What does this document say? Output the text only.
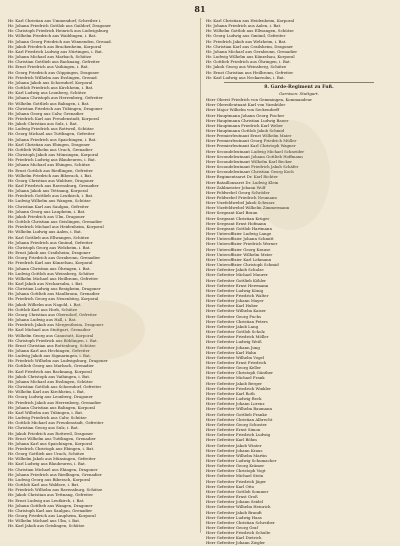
81
Hr. Karl Christian aus Ummendorf, Schreiber i.
Hr. Johann Friedrich Gottlob aus Gaildorf, Dragoner
Hr. Christoph Friedrich Heinrich aus Ludwigsburg
Hr. Wilhelm Friedrich aus Waiblingen, i. Bat.
Hr. Johann Georg Friedrich aus Winnenden, Grenad.
Hr. Jakob Friedrich aus Brackenheim, Korporal
Hr. Karl Friedrich Ludwig aus Nürtingen, i. Bat.
Hr. Johann Michael aus Marbach, Schütze
Hr. Christian Gottlieb aus Backnang, Gefreiter
Hr. Ernst Friedrich aus Vaihingen, i. Bat.
Hr. Georg Friedrich aus Göppingen, Dragoner
Hr. Friedrich Wilhelm aus Esslingen, Grenad.
Hr. Johann Jakob aus Schorndorf, Korporal
Hr. Gottlob Friedrich aus Kirchheim, i. Bat.
Hr. Karl Ludwig aus Leonberg, Schütze
Hr. Johann Christoph aus Herrenberg, Gefreiter
Hr. Wilhelm Gottlieb aus Balingen, i. Bat.
Hr. Christian Friedrich aus Tübingen, Dragoner
Hr. Johann Georg aus Calw, Grenadier
Hr. Friedrich Karl aus Freudenstadt, Korporal
Hr. Jakob Christian aus Sulz, i. Bat.
Hr. Ludwig Friedrich aus Rottweil, Schütze
Hr. Georg Michael aus Tuttlingen, Gefreiter
Hr. Johann Friedrich aus Spaichingen, i. Bat.
Hr. Karl Christian aus Ebingen, Dragoner
Hr. Gottlieb Wilhelm aus Urach, Grenadier
Hr. Christoph Jakob aus Münsingen, Korporal
Hr. Friedrich Ludwig aus Blaubeuren, i. Bat.
Hr. Johann Michael aus Ehingen, Schütze
Hr. Ernst Gottlob aus Riedlingen, Gefreiter
Hr. Wilhelm Friedrich aus Biberach, i. Bat.
Hr. Georg Christian aus Waldsee, Dragoner
Hr. Karl Friedrich aus Ravensburg, Grenadier
Hr. Johann Jakob aus Tettnang, Korporal
Hr. Friedrich Gottlieb aus Leutkirch, i. Bat.
Hr. Ludwig Wilhelm aus Wangen, Schütze
Hr. Christian Karl aus Saulgau, Gefreiter
Hr. Johann Georg aus Laupheim, i. Bat.
Hr. Jakob Friedrich aus Ulm, Dragoner
Hr. Gottlob Christian aus Geislingen, Grenadier
Hr. Friedrich Michael aus Heidenheim, Korporal
Hr. Wilhelm Ludwig aus Aalen, i. Bat.
Hr. Karl Gottlieb aus Ellwangen, Schütze
Hr. Johann Friedrich aus Gmünd, Gefreiter
Hr. Christoph Georg aus Welzheim, i. Bat.
Hr. Ernst Jakob aus Crailsheim, Dragoner
Hr. Georg Friedrich aus Gerabronn, Grenadier
Hr. Friedrich Karl aus Künzelsau, Korporal
Hr. Johann Christian aus Öhringen, i. Bat.
Hr. Ludwig Gottlob aus Weinsberg, Schütze
Hr. Wilhelm Michael aus Heilbronn, Gefreiter
Hr. Karl Jakob aus Neckarsulm, i. Bat.
Hr. Christian Ludwig aus Besigheim, Dragoner
Hr. Johann Gottlieb aus Maulbronn, Grenadier
Hr. Friedrich Georg aus Neuenbürg, Korporal
Hr. Jakob Wilhelm aus Nagold, i. Bat.
Hr. Gottlob Karl aus Horb, Schütze
Hr. Georg Christian aus Oberndorf, Gefreiter
Hr. Johann Ludwig aus Hall, i. Bat.
Hr. Friedrich Jakob aus Mergentheim, Dragoner
Hr. Karl Michael aus Stuttgart, Grenadier
Hr. Wilhelm Georg aus Cannstatt, Korporal
Hr. Christoph Friedrich aus Böblingen, i. Bat.
Hr. Ernst Christian aus Rottenburg, Schütze
Hr. Johann Karl aus Hechingen, Gefreiter
Hr. Ludwig Jakob aus Sigmaringen, i. Bat.
Hr. Friedrich Wilhelm aus Ludwigsburg, Dragoner
Hr. Gottlieb Georg aus Marbach, Grenadier
Hr. Karl Friedrich aus Backnang, Korporal
Hr. Jakob Christoph aus Vaihingen, i. Bat.
Hr. Johann Michael aus Esslingen, Schütze
Hr. Christian Gottlob aus Schorndorf, Gefreiter
Hr. Wilhelm Karl aus Kirchheim, i. Bat.
Hr. Georg Ludwig aus Leonberg, Dragoner
Hr. Friedrich Jakob aus Herrenberg, Grenadier
Hr. Johann Christian aus Balingen, Korporal
Hr. Karl Wilhelm aus Tübingen, i. Bat.
Hr. Ludwig Friedrich aus Calw, Schütze
Hr. Gottlob Michael aus Freudenstadt, Gefreiter
Hr. Christian Georg aus Sulz, i. Bat.
Hr. Jakob Friedrich aus Rottweil, Dragoner
Hr. Ernst Wilhelm aus Tuttlingen, Grenadier
Hr. Johann Karl aus Spaichingen, Korporal
Hr. Friedrich Christoph aus Ebingen, i. Bat.
Hr. Georg Gottlieb aus Urach, Schütze
Hr. Wilhelm Jakob aus Münsingen, Gefreiter
Hr. Karl Ludwig aus Blaubeuren, i. Bat.
Hr. Christian Michael aus Ehingen, Dragoner
Hr. Johann Friedrich aus Riedlingen, Grenadier
Hr. Ludwig Georg aus Biberach, Korporal
Hr. Gottlob Karl aus Waldsee, i. Bat.
Hr. Friedrich Wilhelm aus Ravensburg, Schütze
Hr. Jakob Christian aus Tettnang, Gefreiter
Hr. Ernst Ludwig aus Leutkirch, i. Bat.
Hr. Johann Gottlieb aus Wangen, Dragoner
Hr. Christoph Karl aus Saulgau, Grenadier
Hr. Georg Friedrich aus Laupheim, Korporal
Hr. Wilhelm Michael aus Ulm, i. Bat.
Hr. Karl Jakob aus Geislingen, Schütze
Hr. Karl Christian aus Heidenheim, Korporal
Hr. Johann Friedrich aus Aalen, i. Bat.
Hr. Wilhelm Gottlob aus Ellwangen, Schütze
Hr. Georg Ludwig aus Gmünd, Gefreiter
Hr. Friedrich Jakob aus Welzheim, i. Bat.
Hr. Christian Karl aus Crailsheim, Dragoner
Hr. Johann Michael aus Gerabronn, Grenadier
Hr. Ludwig Wilhelm aus Künzelsau, Korporal
Hr. Gottlieb Friedrich aus Öhringen, i. Bat.
Hr. Jakob Georg aus Weinsberg, Schütze
Hr. Ernst Christian aus Heilbronn, Gefreiter
Hr. Karl Ludwig aus Neckarsulm, i. Bat.
8. Garde-Regiment zu Fuß.
Garnison: Stuttgart.
Herr Oberst Friedrich von Gemmingen, Kommandeur
Herr Oberstleutnant Karl von Varnbüler
Herr Major Wilhelm von Seckendorff
Herr Hauptmann Johann Georg Fischer
Herr Hauptmann Christian Ludwig Bauer
Herr Hauptmann Friedrich Karl Weber
Herr Hauptmann Gottlob Jakob Schmid
Herr Premierleutnant Ernst Wilhelm Maier
Herr Premierleutnant Georg Friedrich Müller
Herr Premierleutnant Karl Christoph Wagner
Herr Secondeleutnant Ludwig Michael Schneider
Herr Secondeleutnant Johann Gottlieb Hoffmann
Herr Secondeleutnant Wilhelm Karl Becker
Herr Secondeleutnant Friedrich Jakob Schäfer
Herr Secondeleutnant Christian Georg Koch
Herr Regimentsarzt Dr. Karl Richter
Herr Bataillonsarzt Dr. Ludwig Klein
Herr Zahlmeister Johann Wolf
Herr Feldwebel Georg Schröder
Herr Feldwebel Friedrich Neumann
Herr Vizefeldwebel Jakob Schwarz
Herr Vizefeldwebel Wilhelm Zimmermann
Herr Sergeant Karl Braun
Herr Sergeant Christian Krüger
Herr Sergeant Ernst Hofmann
Herr Sergeant Gottlob Hartmann
Herr Unteroffizier Ludwig Lange
Herr Unteroffizier Johann Schmitt
Herr Unteroffizier Friedrich Werner
Herr Unteroffizier Georg Krause
Herr Unteroffizier Wilhelm Meier
Herr Unteroffizier Karl Lehmann
Herr Unteroffizier Christoph Schmid
Herr Gefreiter Jakob Schulze
Herr Gefreiter Michael Maurer
Herr Gefreiter Gottlieb Köhler
Herr Gefreiter Ernst Herrmann
Herr Gefreiter Ludwig König
Herr Gefreiter Friedrich Walter
Herr Gefreiter Johann Mayer
Herr Gefreiter Karl Huber
Herr Gefreiter Wilhelm Kaiser
Herr Gefreiter Georg Fuchs
Herr Gefreiter Christian Peters
Herr Gefreiter Jakob Lang
Herr Gefreiter Gottlob Scholz
Herr Gefreiter Friedrich Möller
Herr Gefreiter Ludwig Weiß
Herr Gefreiter Johann Jung
Herr Gefreiter Karl Hahn
Herr Gefreiter Wilhelm Vogel
Herr Gefreiter Ernst Friedrich
Herr Gefreiter Georg Keller
Herr Gefreiter Christoph Günther
Herr Gefreiter Michael Frank
Herr Gefreiter Jakob Berger
Herr Gefreiter Friedrich Winkler
Herr Gefreiter Karl Roth
Herr Gefreiter Ludwig Beck
Herr Gefreiter Johann Lorenz
Herr Gefreiter Wilhelm Baumann
Herr Gefreiter Gottlieb Franke
Herr Gefreiter Christian Albrecht
Herr Gefreiter Georg Schuster
Herr Gefreiter Ernst Simon
Herr Gefreiter Friedrich Ludwig
Herr Gefreiter Karl Böhm
Herr Gefreiter Jakob Winter
Herr Gefreiter Johann Kraus
Herr Gefreiter Wilhelm Martin
Herr Gefreiter Ludwig Schumacher
Herr Gefreiter Georg Krämer
Herr Gefreiter Christoph Vogt
Herr Gefreiter Michael Stein
Herr Gefreiter Friedrich Jäger
Herr Gefreiter Karl Otto
Herr Gefreiter Gottlob Sommer
Herr Gefreiter Ernst Groß
Herr Gefreiter Johann Seidel
Herr Gefreiter Wilhelm Heinrich
Herr Gefreiter Jakob Brandt
Herr Gefreiter Ludwig Haas
Herr Gefreiter Christian Schreiber
Herr Gefreiter Georg Graf
Herr Gefreiter Friedrich Schulte
Herr Gefreiter Karl Dietrich
Herr Gefreiter Johann Ziegler
